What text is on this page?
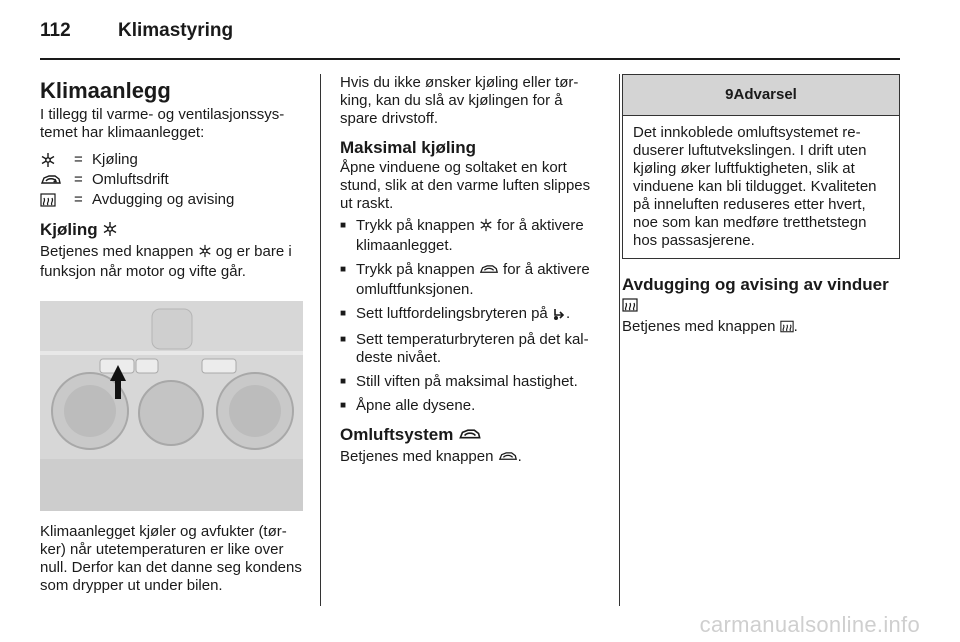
112 Klimastyring
Klimaanlegg

I tillegg til varme- og ventilasjonssystemet har klimaanlegget:

= Kjøling
= Omluftsdrift
= Avdugging og avising
Kjøling

Betjenes med knappen og er bare i funksjon når motor og vifte går.

Klimaanlegget kjøler og avfukter (tørker) når utetemperaturen er like over null. Derfor kan det danne seg kondens som drypper ut under bilen.

Hvis du ikke ønsker kjøling eller tørking, kan du slå av kjølingen for å spare drivstoff.

Maksimal kjøling

Åpne vinduene og soltaket en kort stund, slik at den varme luften slippes ut raskt.

■ Trykk på knappen for å aktivere klimaanlegget.
■ Trykk på knappen for å aktivere omluftfunksjonen.
■ Sett luftfordelingsbryteren på .
■ Sett temperaturbryteren på det kaldeste nivået.
■ Still viften på maksimal hastighet.
■ Åpne alle dysene.
Omluftsystem

Betjenes med knappen .

9 Advarsel
Det innkoblede omluftsystemet reduserer luftutvekslingen. I drift uten kjøling øker luftfuktigheten, slik at vinduene kan bli tildugget. Kvaliteten på inneluften reduseres etter hvert, noe som kan medføre tretthetstegn hos passasjerene.
Avdugging og avising av vinduer

Betjenes med knappen .

carmanualsonline.info
